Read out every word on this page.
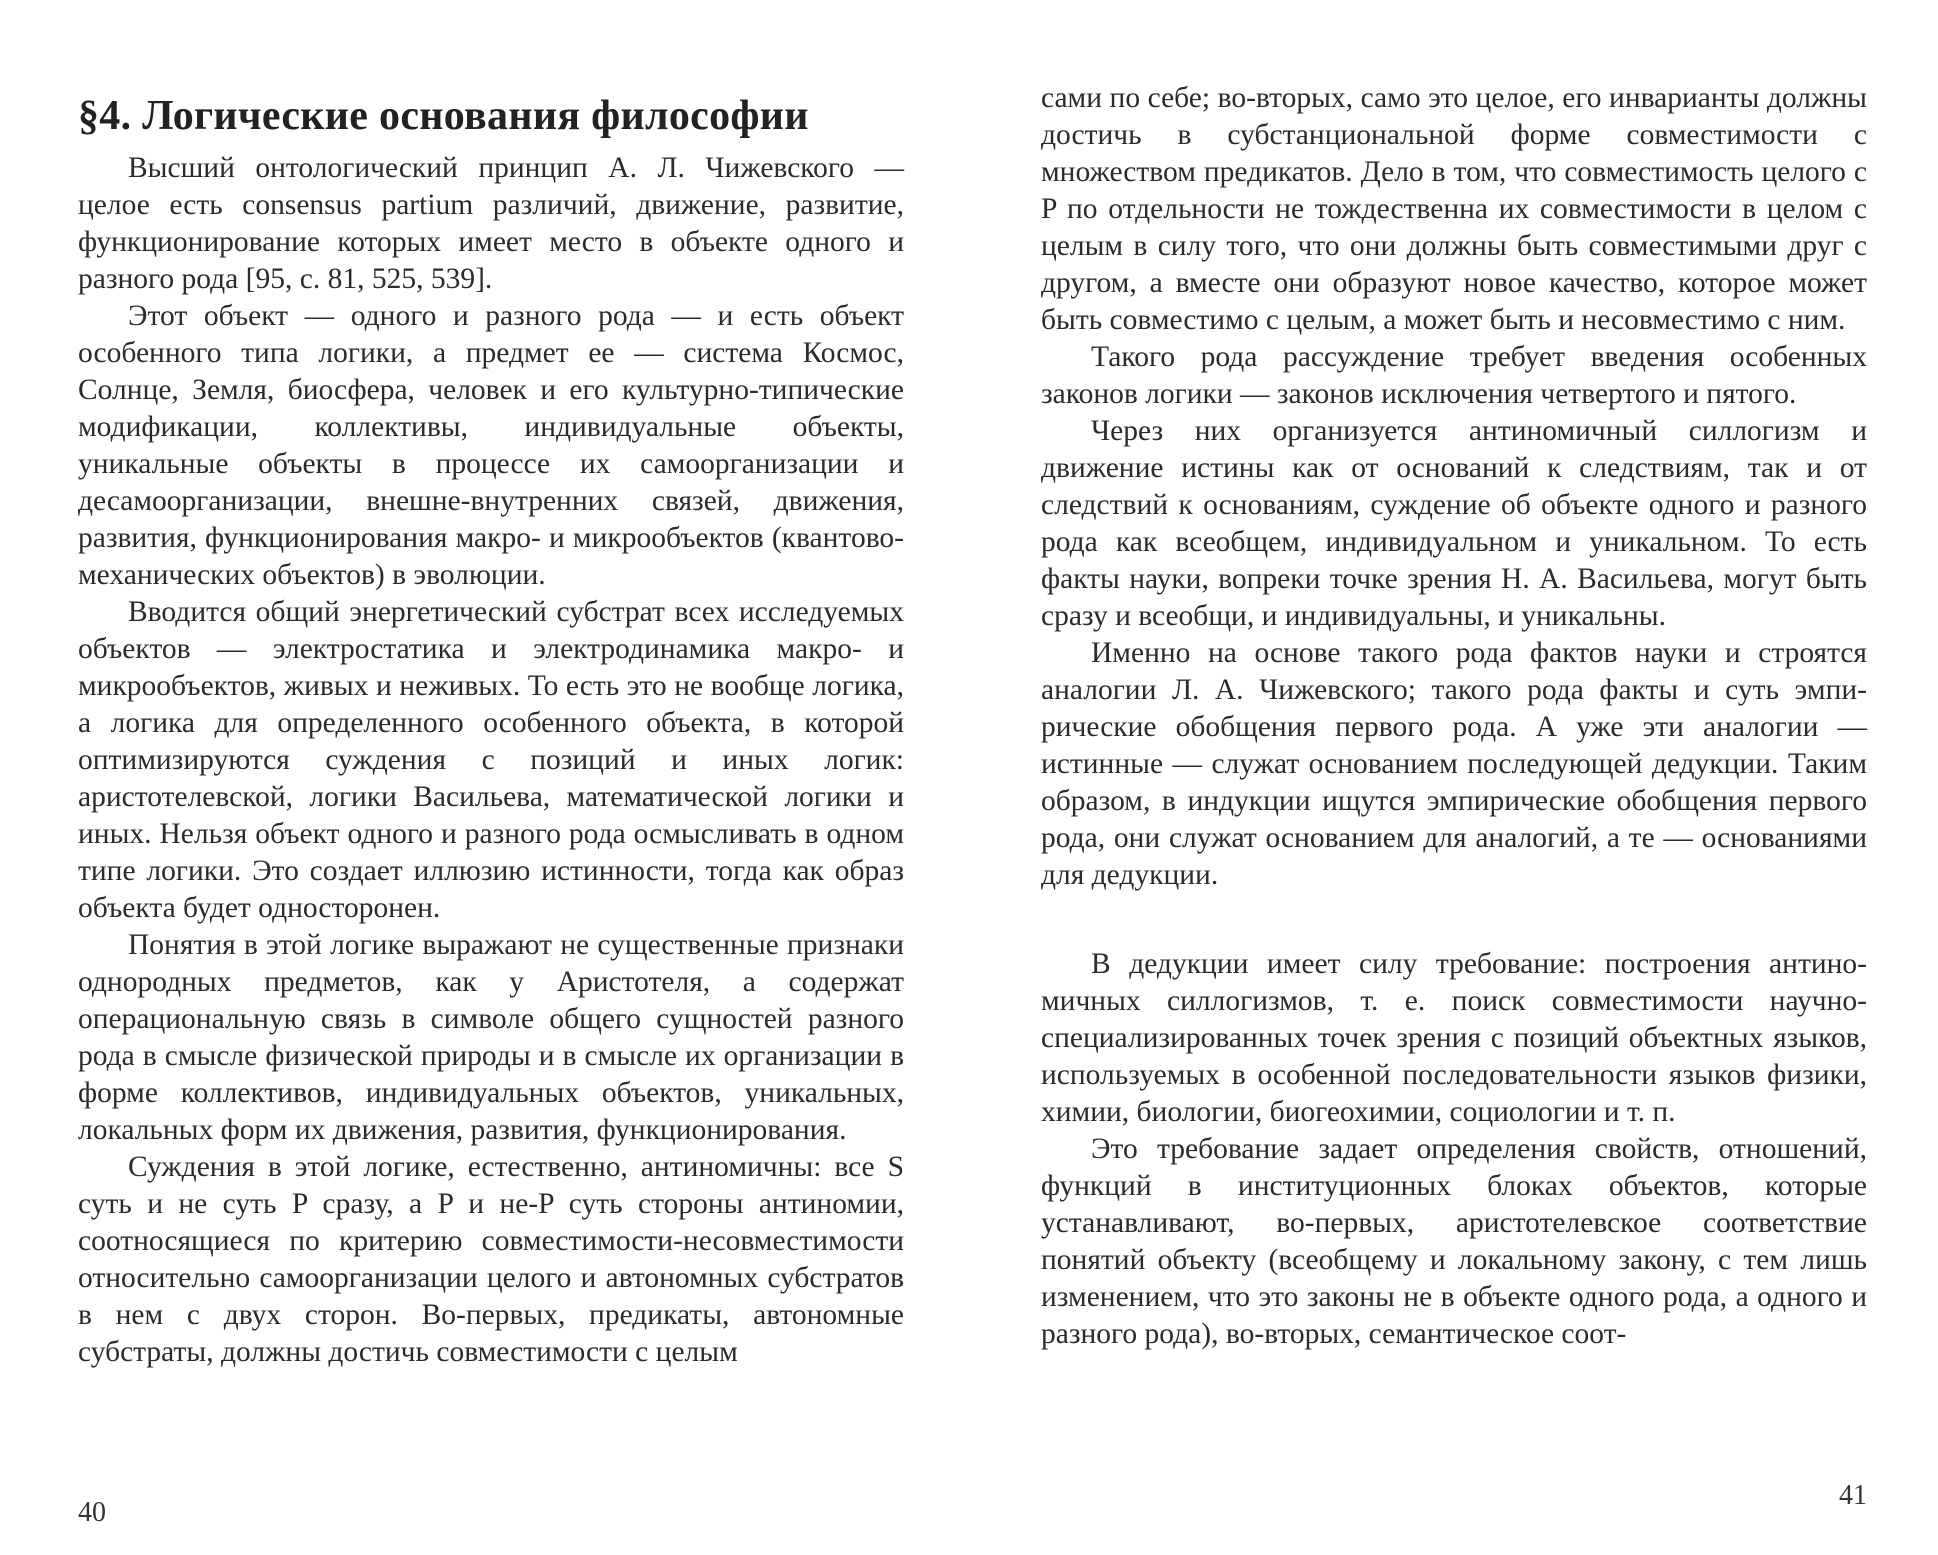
§4. Логические основания философии

Высший онтологический принцип А. Л. Чижевского — целое есть consensus partium различий, движение, развитие, функционирование которых имеет место в объекте одного и разного рода [95, с. 81, 525, 539].

Этот объект — одного и разного рода — и есть объект особенного типа логики, а предмет ее — система Космос, Солнце, Земля, биосфера, человек и его культурно-типические модификации, коллективы, индивидуальные объекты, уникальные объекты в процессе их самоорганизации и десамоорганизации, внешне-внутренних связей, движения, развития, функционирования макро- и микрообъектов (квантово-механических объектов) в эволюции.

Вводится общий энергетический субстрат всех исследуемых объектов — электростатика и электродинамика макро- и микрообъектов, живых и неживых. То есть это не вообще логика, а логика для определенного особенного объекта, в которой оптимизируются суждения с позиций и иных логик: аристотелевской, логики Васильева, математической логики и иных. Нельзя объект одного и разного рода осмысливать в одном типе логики. Это создает иллюзию истинности, тогда как образ объекта будет односторонен.

Понятия в этой логике выражают не существенные признаки однородных предметов, как у Аристотеля, а содержат операциональную связь в символе общего сущностей разного рода в смысле физической природы и в смысле их организации в форме коллективов, индивидуальных объектов, уникальных, локальных форм их движения, развития, функционирования.

Суждения в этой логике, естественно, антиномичны: все S суть и не суть P сразу, а P и не-P суть стороны антиномии, соотносящиеся по критерию совместимости-несовместимости относительно самоорганизации целого и автономных субстратов в нем с двух сторон. Во-первых, предикаты, автономные субстраты, должны достичь совместимости с целым

40

сами по себе; во-вторых, само это целое, его инварианты должны достичь в субстанциональной форме совместимости с множеством предикатов. Дело в том, что совместимость целого с P по отдельности не тождественна их совместимости в целом с целым в силу того, что они должны быть совместимыми друг с другом, а вместе они образуют новое качество, которое может быть совместимо с целым, а может быть и несовместимо с ним.

Такого рода рассуждение требует введения особенных законов логики — законов исключения четвертого и пятого.

Через них организуется антиномичный силлогизм и движение истины как от оснований к следствиям, так и от следствий к основаниям, суждение об объекте одного и разного рода как всеобщем, индивидуальном и уникальном. То есть факты науки, вопреки точке зрения Н. А. Васильева, могут быть сразу и всеобщи, и индивидуальны, и уникальны.

Именно на основе такого рода фактов науки и строятся аналогии Л. А. Чижевского; такого рода факты и суть эмпирические обобщения первого рода. А уже эти аналогии — истинные — служат основанием последующей дедукции. Таким образом, в индукции ищутся эмпирические обобщения первого рода, они служат основанием для аналогий, а те — основаниями для дедукции.

В дедукции имеет силу требование: построения антиномичных силлогизмов, т. е. поиск совместимости научно-специализированных точек зрения с позиций объектных языков, используемых в особенной последовательности языков физики, химии, биологии, биогеохимии, социологии и т. п.

Это требование задает определения свойств, отношений, функций в институционных блоках объектов, которые устанавливают, во-первых, аристотелевское соответствие понятий объекту (всеобщему и локальному закону, с тем лишь изменением, что это законы не в объекте одного рода, а одного и разного рода), во-вторых, семантическое соот-

41
